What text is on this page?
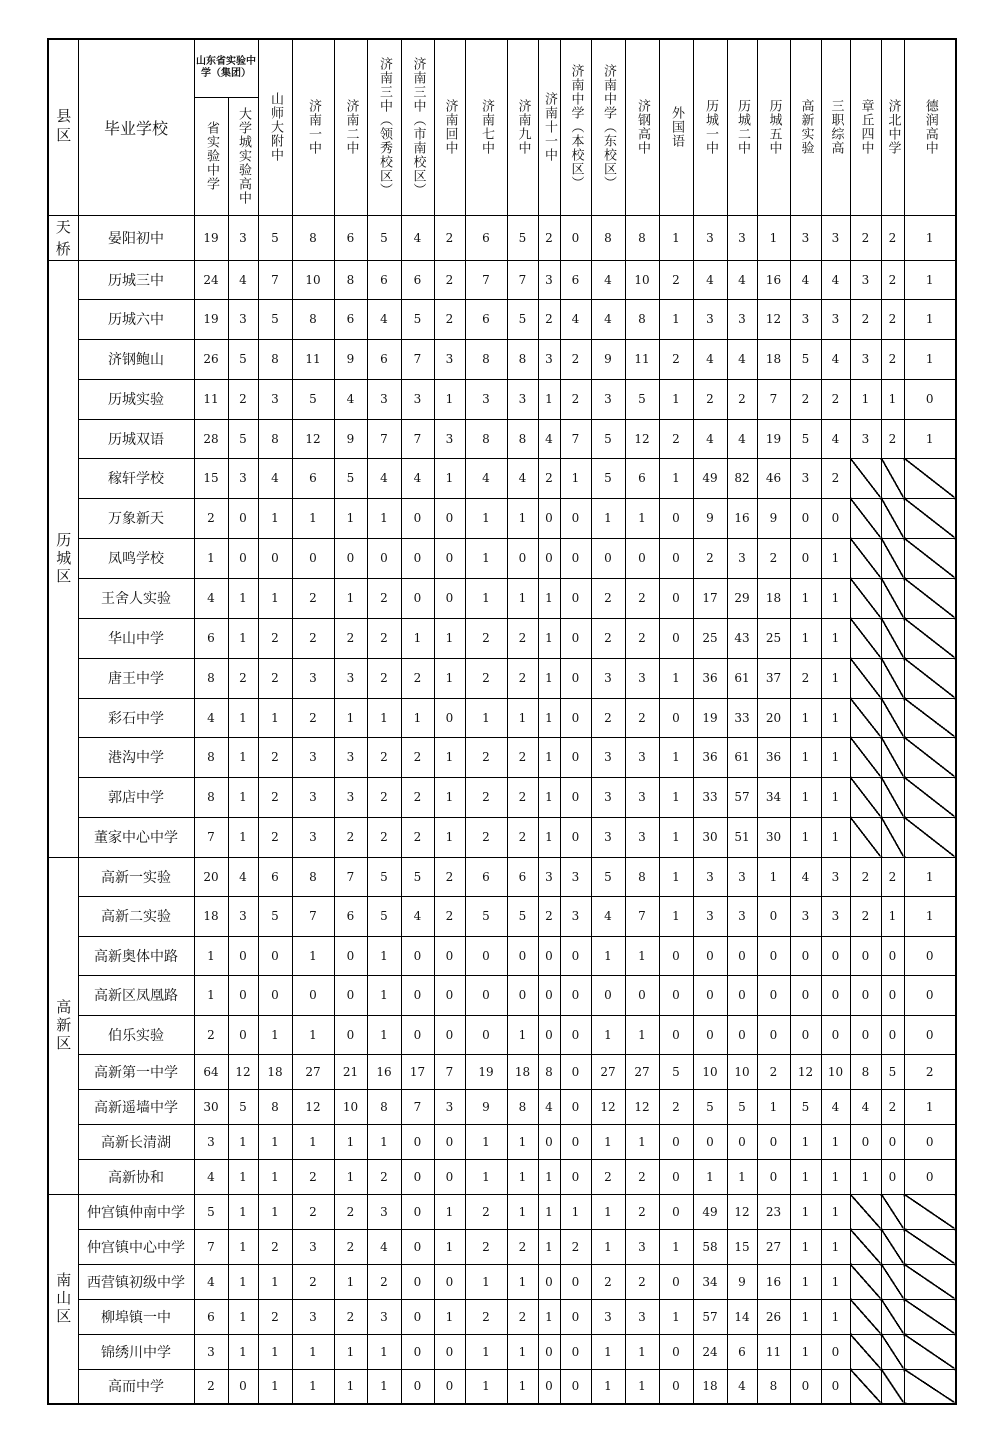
县区	毕业学校	山东省实验中学（集团）		山师大附中	济南一中	济南二中	济南三中（领秀校区）	济南三中（市南校区）	济南回中	济南七中	济南九中	济南十一中	济南中学（本校区）	济南中学（东校区）	济钢高中	外国语	历城一中	历城二中	历城五中	高新实验	三职综高	章丘四中	济北中学	德润高中

		省实验中学	大学城实验高中																					

天桥	晏阳初中	19	3	5	8	6	5	4	2	6	5	2	0	8	8	1	3	3	1	3	3	2	2	1

历城区	历城三中	24	4	7	10	8	6	6	2	7	7	3	6	4	10	2	4	4	16	4	4	3	2	1
	历城六中	19	3	5	8	6	4	5	2	6	5	2	4	4	8	1	3	3	12	3	3	2	2	1
	济钢鲍山	26	5	8	11	9	6	7	3	8	8	3	2	9	11	2	4	4	18	5	4	3	2	1
	历城实验	11	2	3	5	4	3	3	1	3	3	1	2	3	5	1	2	2	7	2	2	1	1	0
	历城双语	28	5	8	12	9	7	7	3	8	8	4	7	5	12	2	4	4	19	5	4	3	2	1
	稼轩学校	15	3	4	6	5	4	4	1	4	4	2	1	5	6	1	49	82	46	3	2			
	万象新天	2	0	1	1	1	1	0	0	1	1	0	0	1	1	0	9	16	9	0	0			
	凤鸣学校	1	0	0	0	0	0	0	0	1	0	0	0	0	0	0	2	3	2	0	1			
	王舍人实验	4	1	1	2	1	2	0	0	1	1	1	0	2	2	0	17	29	18	1	1			
	华山中学	6	1	2	2	2	2	1	1	2	2	1	0	2	2	0	25	43	25	1	1			
	唐王中学	8	2	2	3	3	2	2	1	2	2	1	0	3	3	1	36	61	37	2	1			
	彩石中学	4	1	1	2	1	1	1	0	1	1	1	0	2	2	0	19	33	20	1	1			
	港沟中学	8	1	2	3	3	2	2	1	2	2	1	0	3	3	1	36	61	36	1	1			
	郭店中学	8	1	2	3	3	2	2	1	2	2	1	0	3	3	1	33	57	34	1	1			
	董家中心中学	7	1	2	3	2	2	2	1	2	2	1	0	3	3	1	30	51	30	1	1			

高新区	高新一实验	20	4	6	8	7	5	5	2	6	6	3	3	5	8	1	3	3	1	4	3	2	2	1
	高新二实验	18	3	5	7	6	5	4	2	5	5	2	3	4	7	1	3	3	0	3	3	2	1	1
	高新奥体中路	1	0	0	1	0	1	0	0	0	0	0	0	1	1	0	0	0	0	0	0	0	0	0
	高新区凤凰路	1	0	0	0	0	1	0	0	0	0	0	0	0	0	0	0	0	0	0	0	0	0	0
	伯乐实验	2	0	1	1	0	1	0	0	0	1	0	0	1	1	0	0	0	0	0	0	0	0	0
	高新第一中学	64	12	18	27	21	16	17	7	19	18	8	0	27	27	5	10	10	2	12	10	8	5	2
	高新遥墙中学	30	5	8	12	10	8	7	3	9	8	4	0	12	12	2	5	5	1	5	4	4	2	1
	高新长清湖	3	1	1	1	1	1	0	0	1	1	0	0	1	1	0	0	0	0	1	1	0	0	0
	高新协和	4	1	1	2	1	2	0	0	1	1	1	0	2	2	0	1	1	0	1	1	1	0	0

南山区	仲宫镇仲南中学	5	1	1	2	2	3	0	1	2	1	1	1	1	2	0	49	12	23	1	1			
	仲宫镇中心中学	7	1	2	3	2	4	0	1	2	2	1	2	1	3	1	58	15	27	1	1			
	西营镇初级中学	4	1	1	2	1	2	0	0	1	1	0	0	2	2	0	34	9	16	1	1			
	柳埠镇一中	6	1	2	3	2	3	0	1	2	2	1	0	3	3	1	57	14	26	1	1			
	锦绣川中学	3	1	1	1	1	1	0	0	1	1	0	0	1	1	0	24	6	11	1	0			
	高而中学	2	0	1	1	1	1	0	0	1	1	0	0	1	1	0	18	4	8	0	0			
